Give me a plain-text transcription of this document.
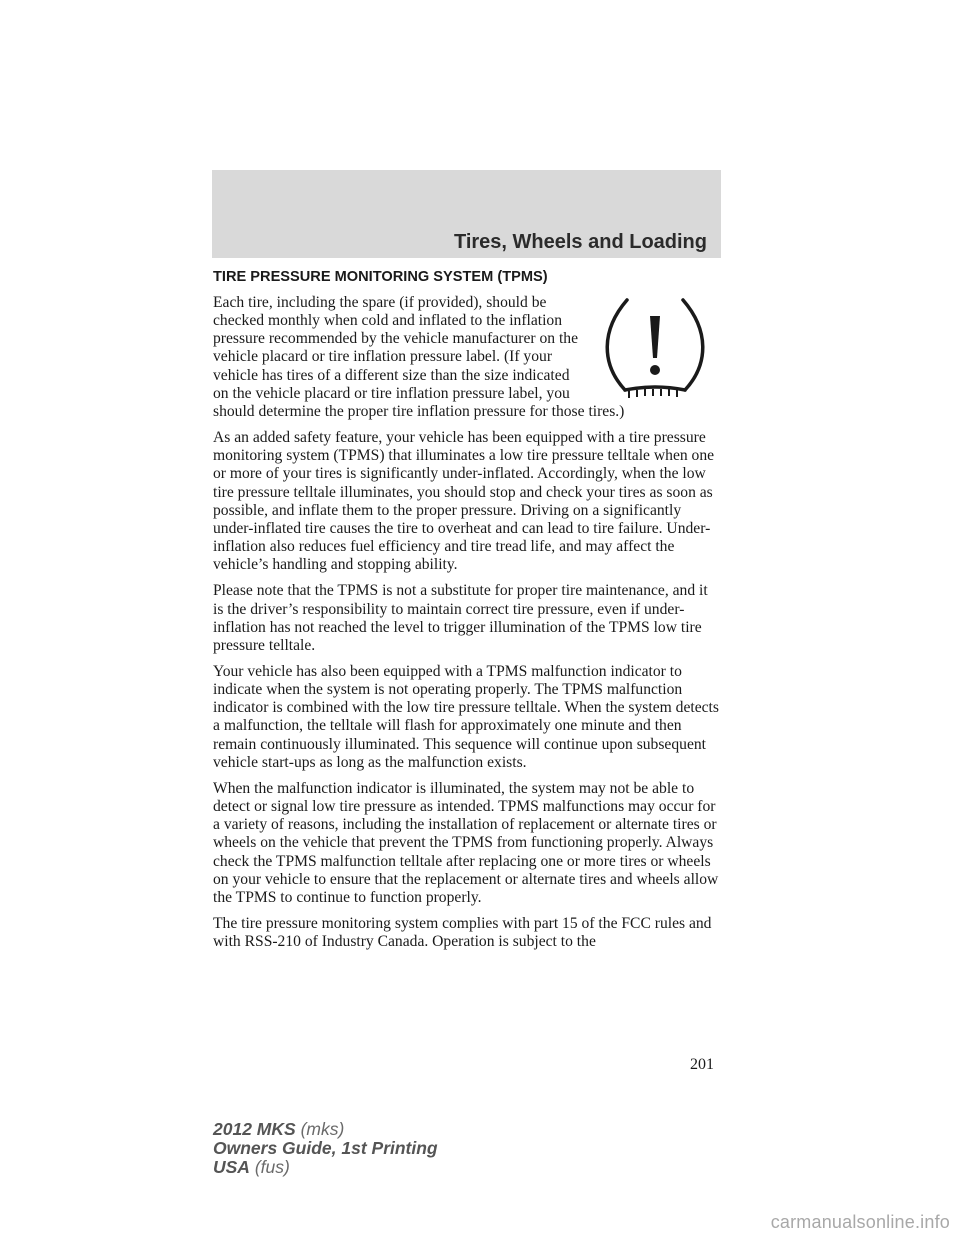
Tires, Wheels and Loading
TIRE PRESSURE MONITORING SYSTEM (TPMS)

Each tire, including the spare (if provided), should be checked monthly when cold and inflated to the inflation pressure recommended by the vehicle manufacturer on the vehicle placard or tire inflation pressure label. (If your vehicle has tires of a different size than the size indicated on the vehicle placard or tire inflation pressure label, you should determine the proper tire inflation pressure for those tires.)

As an added safety feature, your vehicle has been equipped with a tire pressure monitoring system (TPMS) that illuminates a low tire pressure telltale when one or more of your tires is significantly under-inflated. Accordingly, when the low tire pressure telltale illuminates, you should stop and check your tires as soon as possible, and inflate them to the proper pressure. Driving on a significantly under-inflated tire causes the tire to overheat and can lead to tire failure. Under-inflation also reduces fuel efficiency and tire tread life, and may affect the vehicle’s handling and stopping ability.

Please note that the TPMS is not a substitute for proper tire maintenance, and it is the driver’s responsibility to maintain correct tire pressure, even if under-inflation has not reached the level to trigger illumination of the TPMS low tire pressure telltale.

Your vehicle has also been equipped with a TPMS malfunction indicator to indicate when the system is not operating properly. The TPMS malfunction indicator is combined with the low tire pressure telltale. When the system detects a malfunction, the telltale will flash for approximately one minute and then remain continuously illuminated. This sequence will continue upon subsequent vehicle start-ups as long as the malfunction exists.

When the malfunction indicator is illuminated, the system may not be able to detect or signal low tire pressure as intended. TPMS malfunctions may occur for a variety of reasons, including the installation of replacement or alternate tires or wheels on the vehicle that prevent the TPMS from functioning properly. Always check the TPMS malfunction telltale after replacing one or more tires or wheels on your vehicle to ensure that the replacement or alternate tires and wheels allow the TPMS to continue to function properly.

The tire pressure monitoring system complies with part 15 of the FCC rules and with RSS-210 of Industry Canada. Operation is subject to the

201
2012 MKS (mks)
Owners Guide, 1st Printing
USA (fus)
carmanualsonline.info
